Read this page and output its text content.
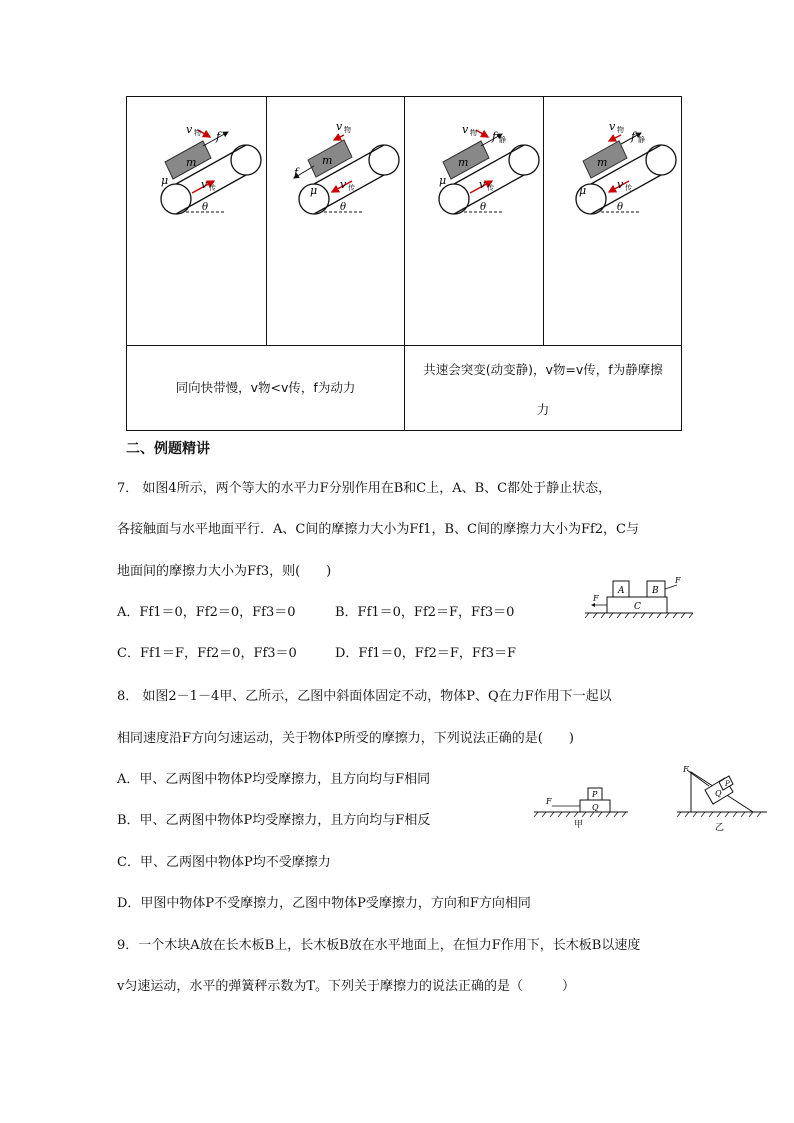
同向快带慢，v物<v传，f为动力		共速会突变(动变静)，v物=v传，f为静摩擦
力	
m
v 物 f
μ	v 传
θ
m
v 物
f
μ v 传
θ
m
v 物 f 静
μ	v 传
θ
m
v 物 f 静
μ	v 传
θ
二、例题精讲
7． 如图4所示，两个等大的水平力F分别作用在B和C上，A、B、C都处于静止状态，
各接触面与水平地面平行．A、C间的摩擦力大小为Ff1，B、C间的摩擦力大小为Ff2，C与
地面间的摩擦力大小为Ff3，则(　　)
A．Ff1＝0，Ff2＝0，Ff3＝0	B．Ff1＝0，Ff2＝F，Ff3＝0
C．Ff1＝F，Ff2＝0，Ff3＝0	D．Ff1＝0，Ff2＝F，Ff3＝F
C
A	B
F
F
8． 如图2－1－4甲、乙所示，乙图中斜面体固定不动，物体P、Q在力F作用下一起以
相同速度沿F方向匀速运动，关于物体P所受的摩擦力，下列说法正确的是(　　)
A．甲、乙两图中物体P均受摩擦力，且方向均与F相同
B．甲、乙两图中物体P均受摩擦力，且方向均与F相反
C．甲、乙两图中物体P均不受摩擦力
D．甲图中物体P不受摩擦力，乙图中物体P受摩擦力，方向和F方向相同
Q
P
F
甲
Q
P
F
乙
9．一个木块A放在长木板B上，长木板B放在水平地面上，在恒力F作用下，长木板B以速度
v匀速运动，水平的弹簧秤示数为T。下列关于摩擦力的说法正确的是（　　　）
